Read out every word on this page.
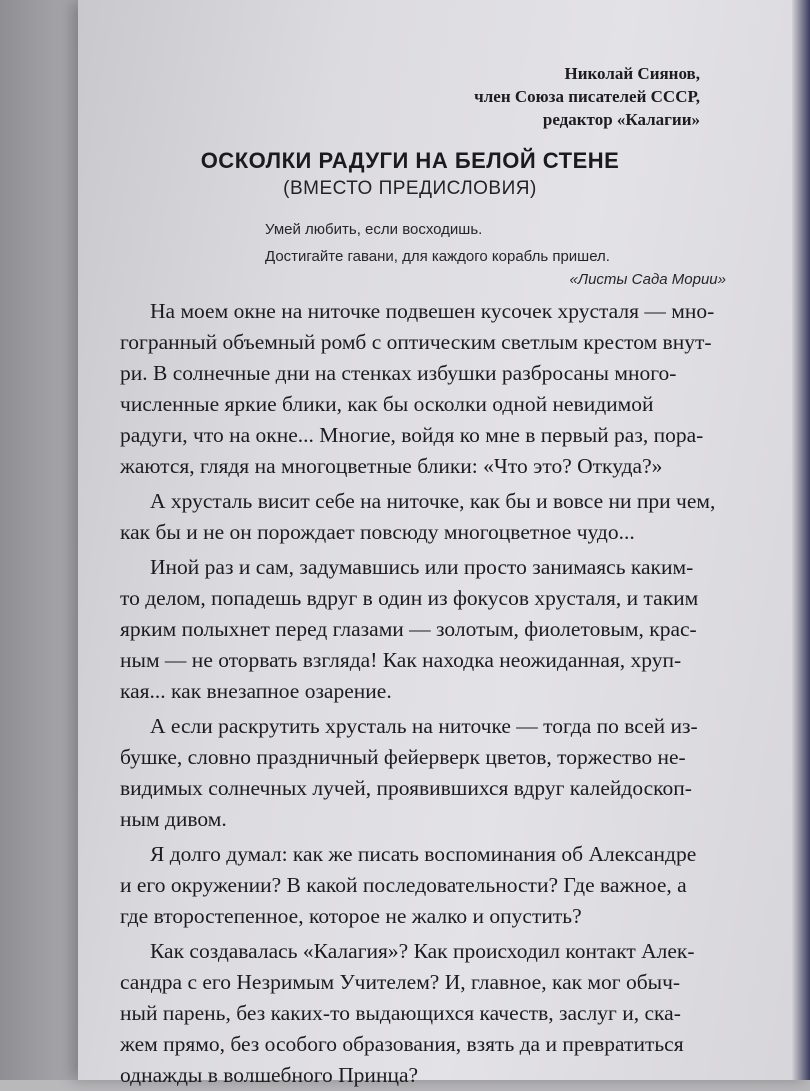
Николай Сиянов,
член Союза писателей СССР,
редактор «Калагии»
ОСКОЛКИ РАДУГИ НА БЕЛОЙ СТЕНЕ
(ВМЕСТО ПРЕДИСЛОВИЯ)
Умей любить, если восходишь.
Достигайте гавани, для каждого корабль пришел.
«Листы Сада Мории»
На моем окне на ниточке подвешен кусочек хрусталя — мно-
гогранный объемный ромб с оптическим светлым крестом внут-
ри. В солнечные дни на стенках избушки разбросаны много-
численные яркие блики, как бы осколки одной невидимой
радуги, что на окне... Многие, войдя ко мне в первый раз, пора-
жаются, глядя на многоцветные блики: «Что это? Откуда?»
А хрусталь висит себе на ниточке, как бы и вовсе ни при чем,
как бы и не он порождает повсюду многоцветное чудо...
Иной раз и сам, задумавшись или просто занимаясь каким-
то делом, попадешь вдруг в один из фокусов хрусталя, и таким
ярким полыхнет перед глазами — золотым, фиолетовым, крас-
ным — не оторвать взгляда! Как находка неожиданная, хруп-
кая... как внезапное озарение.
А если раскрутить хрусталь на ниточке — тогда по всей из-
бушке, словно праздничный фейерверк цветов, торжество не-
видимых солнечных лучей, проявившихся вдруг калейдоскоп-
ным дивом.
Я долго думал: как же писать воспоминания об Александре
и его окружении? В какой последовательности? Где важное, а
где второстепенное, которое не жалко и опустить?
Как создавалась «Калагия»? Как происходил контакт Алек-
сандра с его Незримым Учителем? И, главное, как мог обыч-
ный парень, без каких-то выдающихся качеств, заслуг и, ска-
жем прямо, без особого образования, взять да и превратиться
однажды в волшебного Принца?
